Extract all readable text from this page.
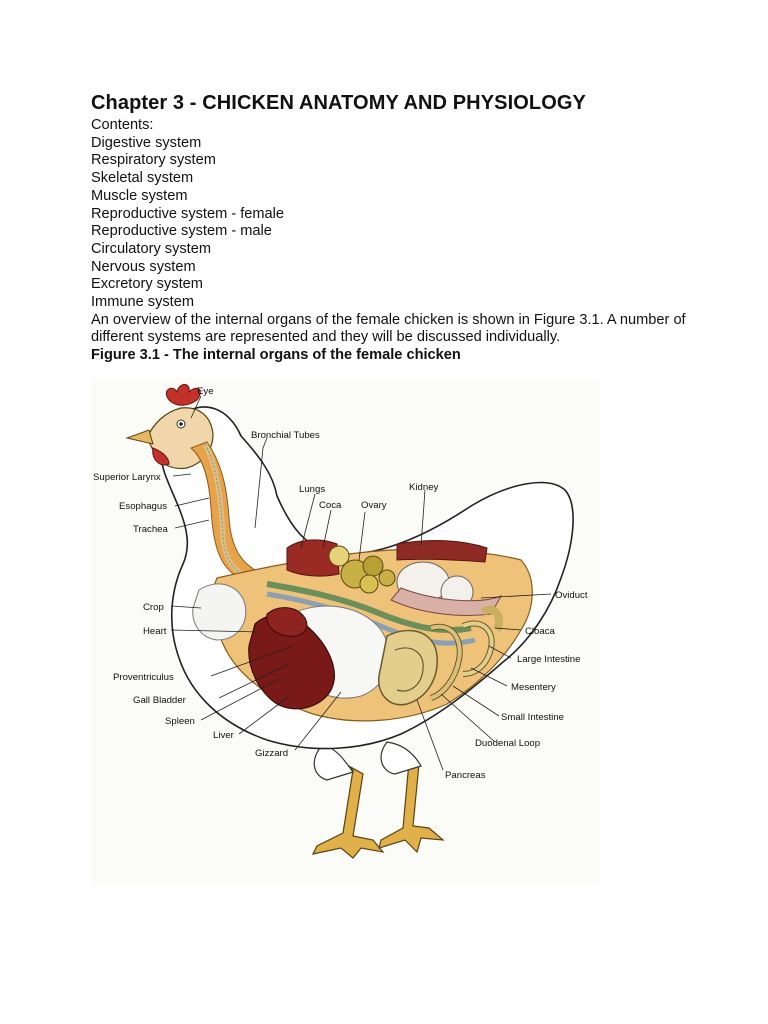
Chapter 3 - CHICKEN ANATOMY AND PHYSIOLOGY
Contents:
Digestive system
Respiratory system
Skeletal system
Muscle system
Reproductive system - female
Reproductive system - male
Circulatory system
Nervous system
Excretory system
Immune system
An overview of the internal organs of the female chicken is shown in Figure 3.1. A number of different systems are represented and they will be discussed individually.
Figure 3.1 - The internal organs of the female chicken
Eye
Bronchial Tubes
Superior Larynx
Esophagus
Trachea
Lungs
Coca Ovary
Kidney
Oviduct
Crop
Heart	Cloaca
Large Intestine
Proventriculus
Mesentery
Gall Bladder
Small Intestine
Spleen
Liver
Duodenal Loop
Gizzard
Pancreas
